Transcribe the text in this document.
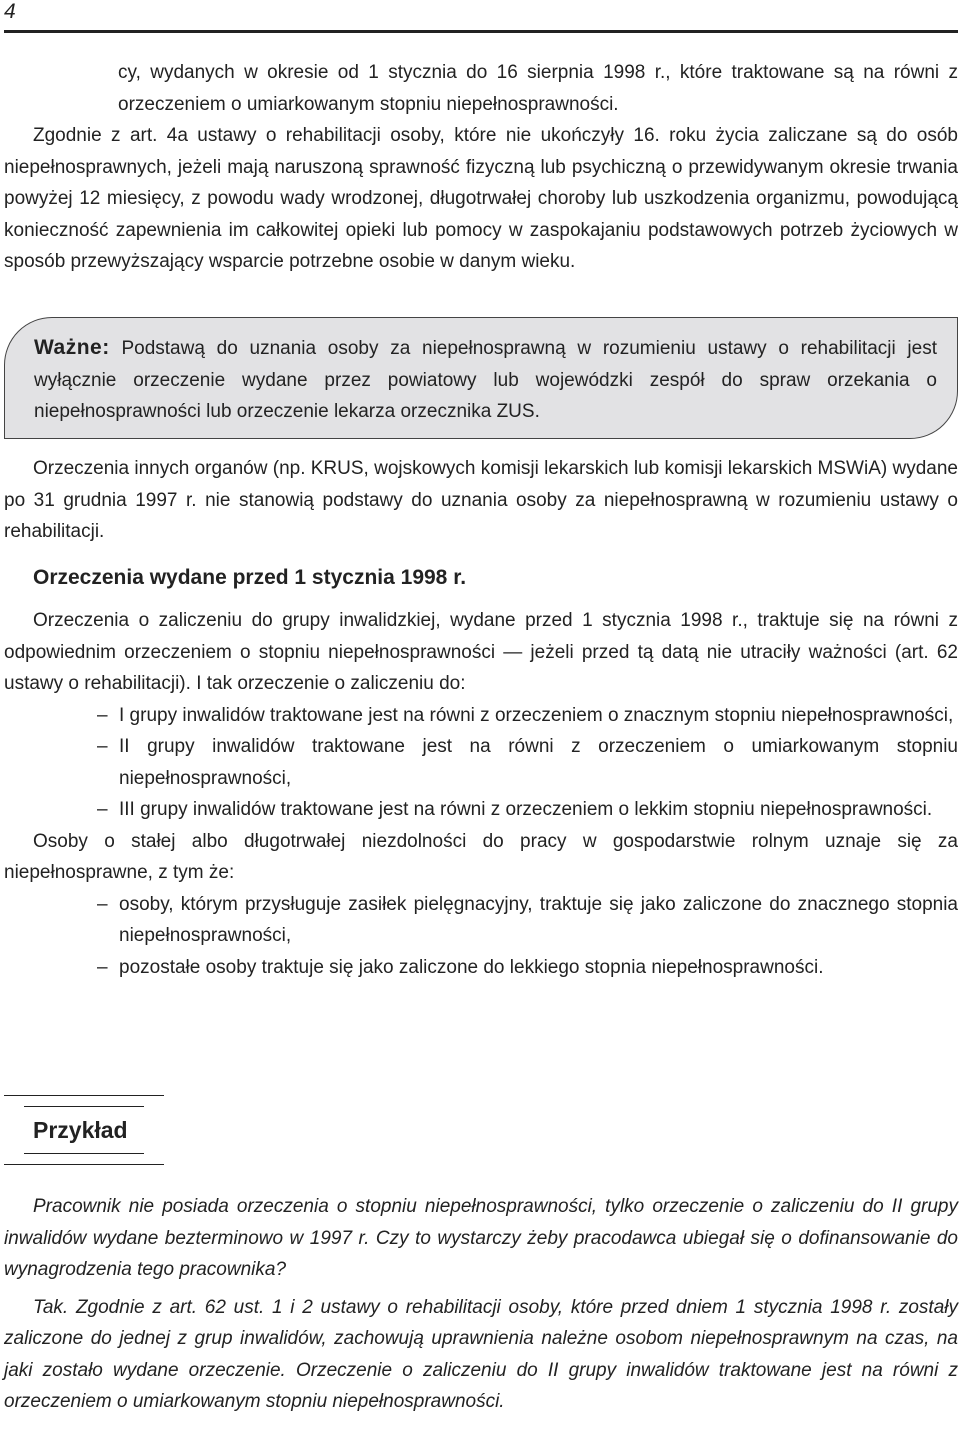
4

cy, wydanych w okresie od 1 stycznia do 16 sierpnia 1998 r., które traktowane są na równi z orzeczeniem o umiarkowanym stopniu niepełnosprawności.

Zgodnie z art. 4a ustawy o rehabilitacji osoby, które nie ukończyły 16. roku życia zaliczane są do osób niepełnosprawnych, jeżeli mają naruszoną sprawność fizyczną lub psychiczną o przewidywanym okresie trwania powyżej 12 miesięcy, z powodu wady wrodzonej, długotrwałej choroby lub uszkodzenia organizmu, powodującą konieczność zapewnienia im całkowitej opieki lub pomocy w zaspokajaniu podstawowych potrzeb życiowych w sposób przewyższający wsparcie potrzebne osobie w danym wieku.

Ważne: Podstawą do uznania osoby za niepełnosprawną w rozumieniu ustawy o rehabilitacji jest wyłącznie orzeczenie wydane przez powiatowy lub wojewódzki zespół do spraw orzekania o niepełnosprawności lub orzeczenie lekarza orzecznika ZUS.

Orzeczenia innych organów (np. KRUS, wojskowych komisji lekarskich lub komisji lekarskich MSWiA) wydane po 31 grudnia 1997 r. nie stanowią podstawy do uznania osoby za niepełnosprawną w rozumieniu ustawy o rehabilitacji.

Orzeczenia wydane przed 1 stycznia 1998 r.

Orzeczenia o zaliczeniu do grupy inwalidzkiej, wydane przed 1 stycznia 1998 r., traktuje się na równi z odpowiednim orzeczeniem o stopniu niepełnosprawności — jeżeli przed tą datą nie utraciły ważności (art. 62 ustawy o rehabilitacji). I tak orzeczenie o zaliczeniu do:

– I grupy inwalidów traktowane jest na równi z orzeczeniem o znacznym stopniu niepełnosprawności,
– II grupy inwalidów traktowane jest na równi z orzeczeniem o umiarkowanym stopniu niepełnosprawności,
– III grupy inwalidów traktowane jest na równi z orzeczeniem o lekkim stopniu niepełnosprawności.

Osoby o stałej albo długotrwałej niezdolności do pracy w gospodarstwie rolnym uznaje się za niepełnosprawne, z tym że:

– osoby, którym przysługuje zasiłek pielęgnacyjny, traktuje się jako zaliczone do znacznego stopnia niepełnosprawności,
– pozostałe osoby traktuje się jako zaliczone do lekkiego stopnia niepełnosprawności.
Przykład

Pracownik nie posiada orzeczenia o stopniu niepełnosprawności, tylko orzeczenie o zaliczeniu do II grupy inwalidów wydane bezterminowo w 1997 r. Czy to wystarczy żeby pracodawca ubiegał się o dofinansowanie do wynagrodzenia tego pracownika?

Tak. Zgodnie z art. 62 ust. 1 i 2 ustawy o rehabilitacji osoby, które przed dniem 1 stycznia 1998 r. zostały zaliczone do jednej z grup inwalidów, zachowują uprawnienia należne osobom niepełnosprawnym na czas, na jaki zostało wydane orzeczenie. Orzeczenie o zaliczeniu do II grupy inwalidów traktowane jest na równi z orzeczeniem o umiarkowanym stopniu niepełnosprawności.
